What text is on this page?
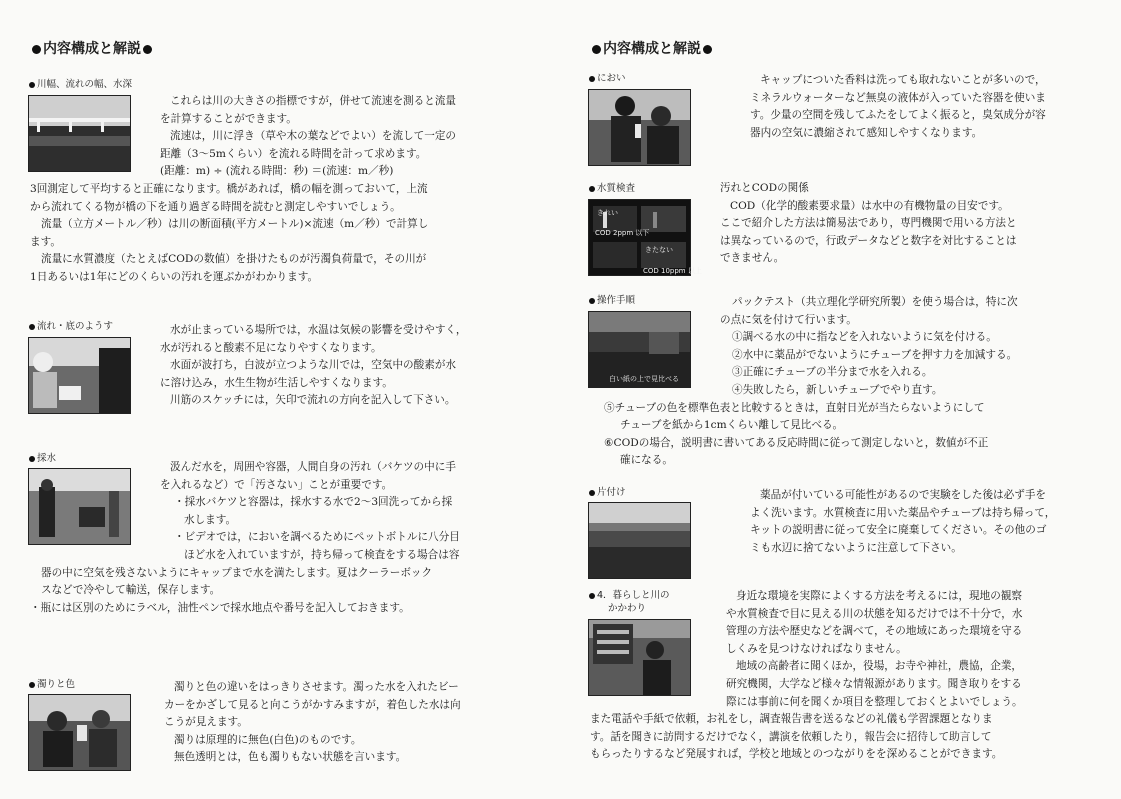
内容構成と解説
川幅、流れの幅、水深
これらは川の大きさの指標ですが，併せて流速を測ると流量
を計算することができます。
流速は，川に浮き（草や木の葉などでよい）を流して一定の
距離（3～5mくらい）を流れる時間を計って求めます。
(距離：m) ÷ (流れる時間：秒) ＝(流速：m／秒)
3回測定して平均すると正確になります。橋があれば，橋の幅を測っておいて，上流
から流れてくる物が橋の下を通り過ぎる時間を読むと測定しやすいでしょう。
流量（立方メートル／秒）は川の断面積(平方メートル)×流速（m／秒）で計算し
ます。
流量に水質濃度（たとえばCODの数値）を掛けたものが汚濁負荷量で，その川が
1日あるいは1年にどのくらいの汚れを運ぶかがわかります。
流れ・底のようす	水が止まっている場所では，水温は気候の影響を受けやすく，
水が汚れると酸素不足になりやすくなります。
水面が波打ち，白波が立つような川では，空気中の酸素が水
に溶け込み，水生生物が生活しやすくなります。
川筋のスケッチには，矢印で流れの方向を記入して下さい。
採水
汲んだ水を，周囲や容器，人間自身の汚れ（バケツの中に手
を入れるなど）で「汚さない」ことが重要です。
・採水バケツと容器は，採水する水で2～3回洗ってから採
水します。
・ビデオでは，においを調べるためにペットボトルに八分目
ほど水を入れていますが，持ち帰って検査をする場合は容
器の中に空気を残さないようにキャップまで水を満たします。夏はクーラーボック
スなどで冷やして輸送，保存します。
・瓶には区別のためにラベル，油性ペンで採水地点や番号を記入しておきます。
濁りと色	濁りと色の違いをはっきりさせます。濁った水を入れたビー
カーをかざして見ると向こうがかすみますが，着色した水は向
こうが見えます。
濁りは原理的に無色(白色)のものです。
無色透明とは，色も濁りもない状態を言います。
内容構成と解説
におい	キャップについた香料は洗っても取れないことが多いので，
ミネラルウォーターなど無臭の液体が入っていた容器を使いま
す。少量の空間を残してふたをしてよく振ると，臭気成分が容
器内の空気に濃縮されて感知しやすくなります。
水質検査
きれい
きたない
COD 2ppm 以下
COD 10ppm 以上
汚れとCODの関係
COD（化学的酸素要求量）は水中の有機物量の目安です。
ここで紹介した方法は簡易法であり，専門機関で用いる方法と
は異なっているので，行政データなどと数字を対比することは
できません。
操作手順
白い紙の上で見比べる
パックテスト（共立理化学研究所製）を使う場合は，特に次
の点に気を付けて行います。
①調べる水の中に指などを入れないように気を付ける。
②水中に薬品がでないようにチューブを押す力を加減する。
③正確にチューブの半分まで水を入れる。
④失敗したら，新しいチューブでやり直す。
⑤チューブの色を標準色表と比較するときは，直射日光が当たらないようにして
チューブを紙から1cmくらい離して見比べる。
⑥CODの場合，説明書に書いてある反応時間に従って測定しないと，数値が不正
確になる。
片付け	薬品が付いている可能性があるので実験をした後は必ず手を
よく洗います。水質検査に用いた薬品やチューブは持ち帰って，
キットの説明書に従って安全に廃棄してください。その他のゴ
ミも水辺に捨てないように注意して下さい。
4．暮らしと川の
かかわり
身近な環境を実際によくする方法を考えるには，現地の観察
や水質検査で目に見える川の状態を知るだけでは不十分で，水
管理の方法や歴史などを調べて，その地域にあった環境を守る
しくみを見つけなければなりません。
地域の高齢者に聞くほか，役場，お寺や神社，農協，企業，
研究機関，大学など様々な情報源があります。聞き取りをする
際には事前に何を聞くか項目を整理しておくとよいでしょう。
また電話や手紙で依頼，お礼をし，調査報告書を送るなどの礼儀も学習課題となりま
す。話を聞きに訪問するだけでなく，講演を依頼したり，報告会に招待して助言して
もらったりするなど発展すれば，学校と地域とのつながりをを深めることができます。
